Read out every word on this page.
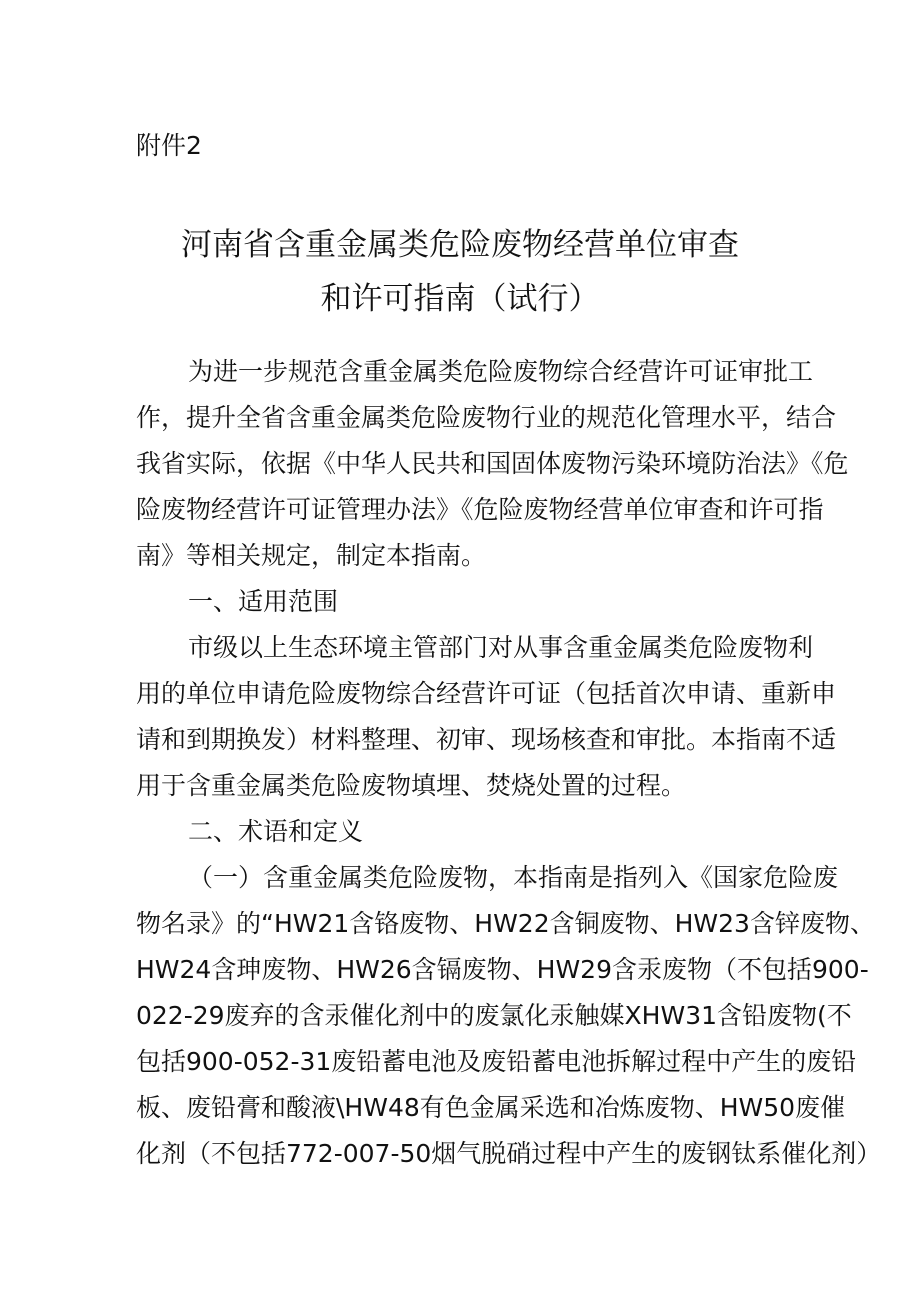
附件2
河南省含重金属类危险废物经营单位审查
和许可指南（试行）
为进一步规范含重金属类危险废物综合经营许可证审批工
作，提升全省含重金属类危险废物行业的规范化管理水平，结合
我省实际，依据《中华人民共和国固体废物污染环境防治法》《危
险废物经营许可证管理办法》《危险废物经营单位审查和许可指
南》等相关规定，制定本指南。
一、适用范围
市级以上生态环境主管部门对从事含重金属类危险废物利
用的单位申请危险废物综合经营许可证（包括首次申请、重新申
请和到期换发）材料整理、初审、现场核查和审批。本指南不适
用于含重金属类危险废物填埋、焚烧处置的过程。
二、术语和定义
（一）含重金属类危险废物，本指南是指列入《国家危险废
物名录》的“HW21含铬废物、HW22含铜废物、HW23含锌废物、
HW24含珅废物、HW26含镉废物、HW29含汞废物（不包括900-
022-29废弃的含汞催化剂中的废氯化汞触媒XHW31含铅废物(不
包括900-052-31废铅蓄电池及废铅蓄电池拆解过程中产生的废铅
板、废铅膏和酸液\HW48有色金属采选和冶炼废物、HW50废催
化剂（不包括772-007-50烟气脱硝过程中产生的废钢钛系催化剂）
